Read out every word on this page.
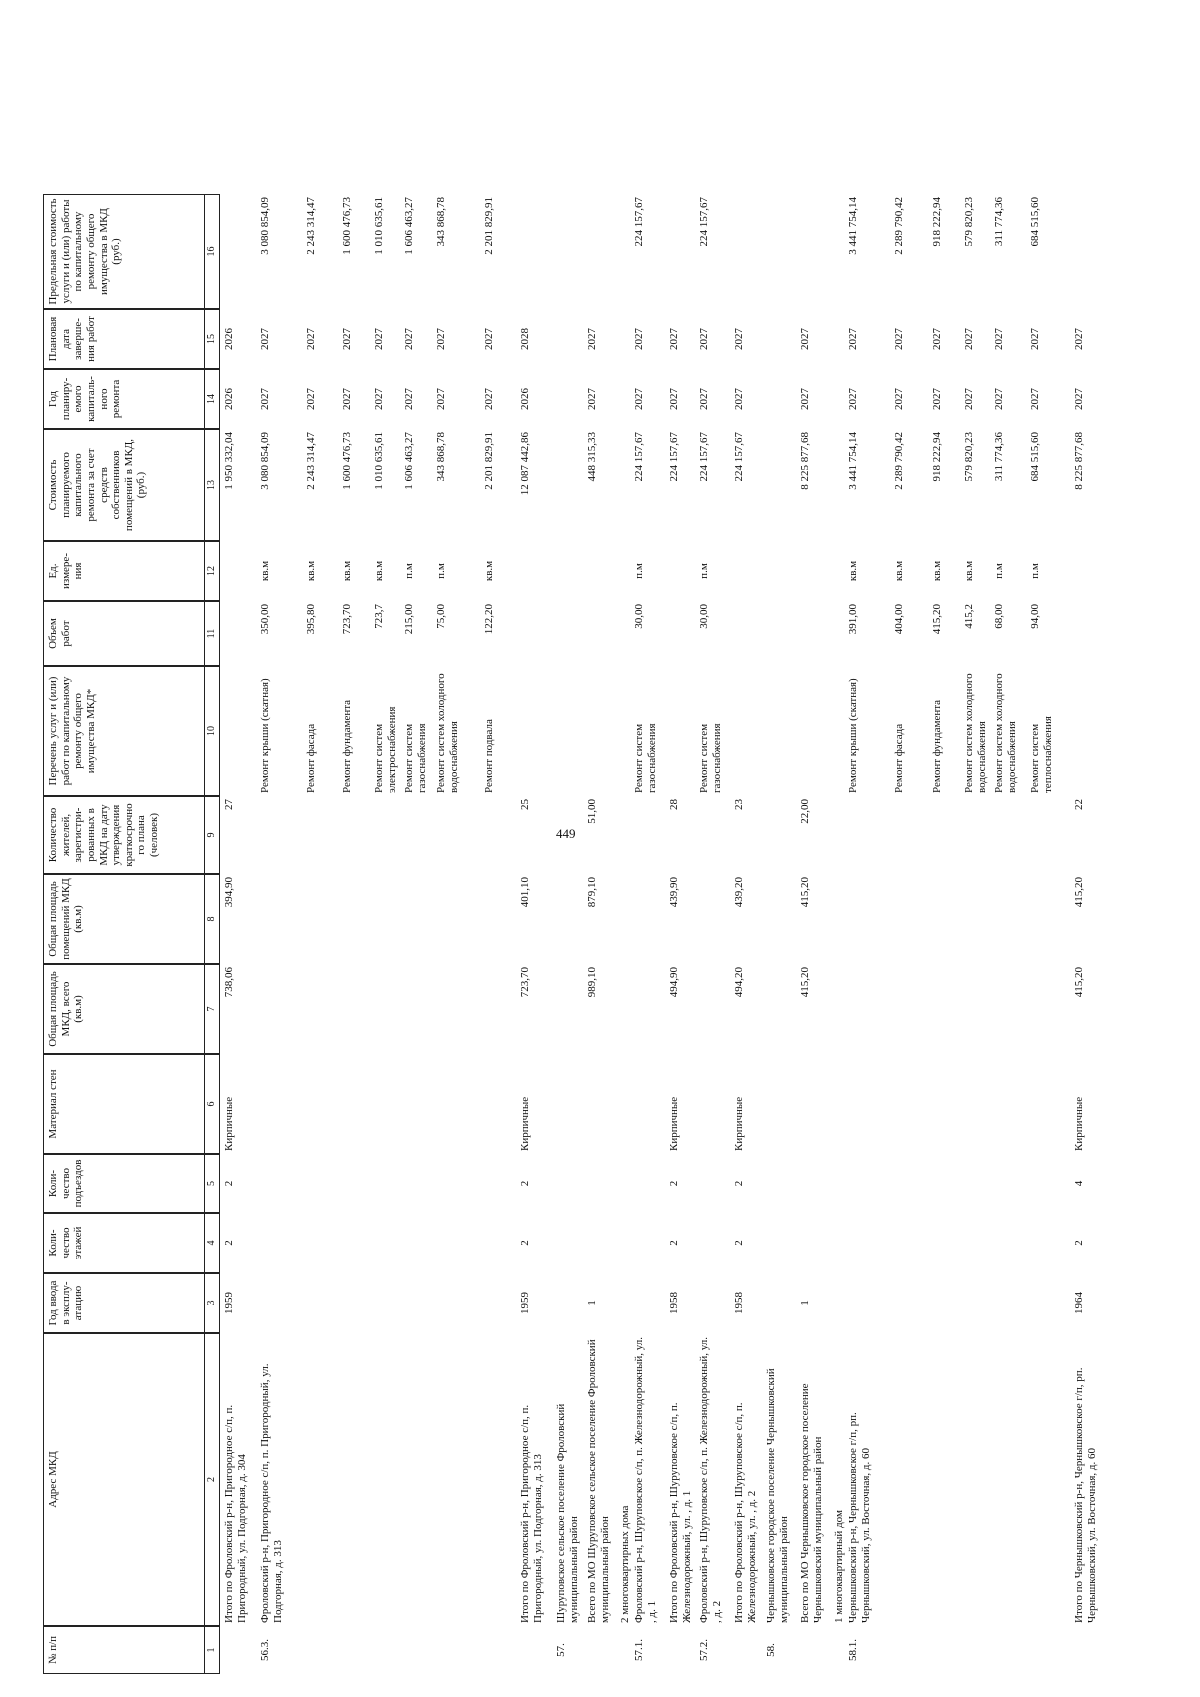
449
№ п/п
Адрес МКД
Год ввода в эксплу-атацию
Коли-чество этажей
Коли-чество подъездов
Материал стен
Общая площадь МКД, всего (кв.м)
Общая площадь помещений МКД (кв.м)
Количество жителей, зарегистри-рованных в МКД на дату утверждения краткосрочно го плана (человек)
Перечень услуг и (или) работ по капитальному ремонту общего имущества МКД*
Объем работ
Ед. измере-ния
Стоимость планируемого капитального ремонта за счет средств собственников помещений в МКД, (руб.)
Год планиру-емого капиталь-ного ремонта
Плановая дата заверше-ния работ
Предельная стоимость услуги и (или) работы по капитальному ремонту общего имущества в МКД (руб.)
1
2
3
4
5
6
7
8
9
10
11
12
13
14
15
16
Итого по Фроловский р-н, Пригородное с/п, п. Пригородный, ул. Подгорная, д. 304
1959
2
2
Кирпичные
738,06
394,90
27
1 950 332,04
2026
2026
56.3.
Фроловский р-н, Пригородное с/п, п. Пригородный, ул. Подгорная, д. 313
Ремонт крыши (скатная)
350,00
кв.м
3 080 854,09
2027
2027
3 080 854,09
Ремонт фасада
395,80
кв.м
2 243 314,47
2027
2027
2 243 314,47
Ремонт фундамента
723,70
кв.м
1 600 476,73
2027
2027
1 600 476,73
Ремонт систем электроснабжения
723,7
кв.м
1 010 635,61
2027
2027
1 010 635,61
Ремонт систем газоснабжения
215,00
п.м
1 606 463,27
2027
2027
1 606 463,27
Ремонт систем холодного водоснабжения
75,00
п.м
343 868,78
2027
2027
343 868,78
Ремонт подвала
122,20
кв.м
2 201 829,91
2027
2027
2 201 829,91
Итого по Фроловский р-н, Пригородное с/п, п. Пригородный, ул. Подгорная, д. 313
1959
2
2
Кирпичные
723,70
401,10
25
12 087 442,86
2026
2028
57.
Шуруповское сельское поселение Фроловский муниципальный район Всего по МО Шуруповское сельское поселение Фроловский муниципальный район
1
989,10
879,10
51,00
448 315,33
2027
2027
2 многоквартирных дома
57.1.
Фроловский р-н, Шуруповское с/п, п. Железнодорожный, ул. , д. 1
Ремонт систем газоснабжения
30,00
п.м
224 157,67
2027
2027
224 157,67
Итого по Фроловский р-н, Шуруповское с/п, п. Железнодорожный, ул. , д. 1
1958
2
2
Кирпичные
494,90
439,90
28
224 157,67
2027
2027
57.2.
Фроловский р-н, Шуруповское с/п, п. Железнодорожный, ул. , д. 2
Ремонт систем газоснабжения
30,00
п.м
224 157,67
2027
2027
224 157,67
Итого по Фроловский р-н, Шуруповское с/п, п. Железнодорожный, ул. , д. 2
1958
2
2
Кирпичные
494,20
439,20
23
224 157,67
2027
2027
58.
Чернышковское городское поселение Чернышковский муниципальный район Всего по МО Чернышковское городское поселение Чернышковский муниципальный район
1
415,20
415,20
22,00
8 225 877,68
2027
2027
1 многоквартирный дом
58.1.
Чернышковский р-н, Чернышковское г/п, рп. Чернышковский, ул. Восточная, д. 60
Ремонт крыши (скатная)
391,00
кв.м
3 441 754,14
2027
2027
3 441 754,14
Ремонт фасада
404,00
кв.м
2 289 790,42
2027
2027
2 289 790,42
Ремонт фундамента
415,20
кв.м
918 222,94
2027
2027
918 222,94
Ремонт систем холодного водоснабжения
415,2
кв.м
579 820,23
2027
2027
579 820,23
Ремонт систем холодного водоснабжения
68,00
п.м
311 774,36
2027
2027
311 774,36
Ремонт систем теплоснабжения
94,00
п.м
684 515,60
2027
2027
684 515,60
Итого по Чернышковский р-н, Чернышковское г/п, рп. Чернышковский, ул. Восточная, д. 60
1964
2
4
Кирпичные
415,20
415,20
22
8 225 877,68
2027
2027
